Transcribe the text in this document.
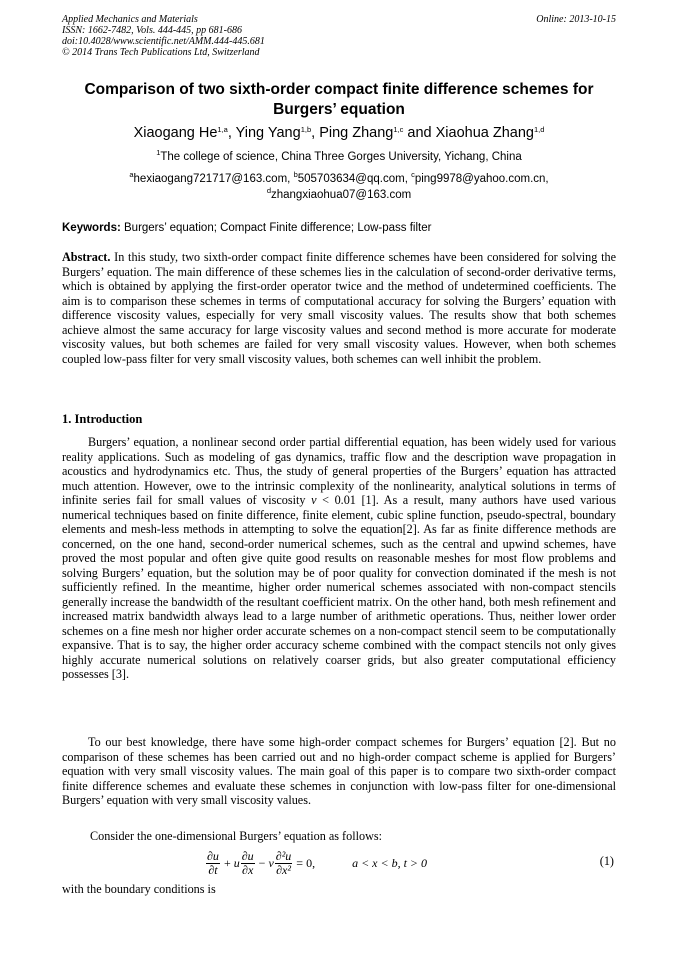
Applied Mechanics and Materials
ISSN: 1662-7482, Vols. 444-445, pp 681-686
doi:10.4028/www.scientific.net/AMM.444-445.681
© 2014 Trans Tech Publications Ltd, Switzerland
Online: 2013-10-15
Comparison of two sixth-order compact finite difference schemes for Burgers’ equation
Xiaogang He$^{1,a}$, Ying Yang$^{1,b}$, Ping Zhang$^{1,c}$ and Xiaohua Zhang$^{1,d}$
$^1$The college of science, China Three Gorges University, Yichang, China
$^a$hexiaogang721717@163.com, $^b$505703634@qq.com, $^c$ping9978@yahoo.com.cn,
$^d$zhangxiaohua07@163.com
Keywords: Burgers’ equation; Compact Finite difference; Low-pass filter
Abstract. In this study, two sixth-order compact finite difference schemes have been considered for solving the Burgers’ equation. The main difference of these schemes lies in the calculation of second-order derivative terms, which is obtained by applying the first-order operator twice and the method of undetermined coefficients. The aim is to comparison these schemes in terms of computational accuracy for solving the Burgers’ equation with difference viscosity values, especially for very small viscosity values. The results show that both schemes achieve almost the same accuracy for large viscosity values and second method is more accurate for moderate viscosity values, but both schemes are failed for very small viscosity values. However, when both schemes coupled low-pass filter for very small viscosity values, both schemes can well inhibit the problem.
1. Introduction
Burgers’ equation, a nonlinear second order partial differential equation, has been widely used for various reality applications. Such as modeling of gas dynamics, traffic flow and the description wave propagation in acoustics and hydrodynamics etc. Thus, the study of general properties of the Burgers’ equation has attracted much attention. However, owe to the intrinsic complexity of the nonlinearity, analytical solutions in terms of infinite series fail for small values of viscosity v < 0.01 [1]. As a result, many authors have used various numerical techniques based on finite difference, finite element, cubic spline function, pseudo-spectral, boundary elements and mesh-less methods in attempting to solve the equation[2]. As far as finite difference methods are concerned, on the one hand, second-order numerical schemes, such as the central and upwind schemes, have proved the most popular and often give quite good results on reasonable meshes for most flow problems and solving Burgers’ equation, but the solution may be of poor quality for convection dominated if the mesh is not sufficiently refined. In the meantime, higher order numerical schemes associated with non-compact stencils generally increase the bandwidth of the resultant coefficient matrix. On the other hand, both mesh refinement and increased matrix bandwidth always lead to a large number of arithmetic operations. Thus, neither lower order schemes on a fine mesh nor higher order accurate schemes on a non-compact stencil seem to be computationally expansive. That is to say, the higher order accuracy scheme combined with the compact stencils not only gives highly accurate numerical solutions on relatively coarser grids, but also greater computational efficiency possesses [3].
To our best knowledge, there have some high-order compact schemes for Burgers’ equation [2]. But no comparison of these schemes has been carried out and no high-order compact scheme is applied for Burgers’ equation with very small viscosity values. The main goal of this paper is to compare two sixth-order compact finite difference schemes and evaluate these schemes in conjunction with low-pass filter for one-dimensional Burgers’ equation with very small viscosity values.
Consider the one-dimensional Burgers’ equation as follows:
$\frac{\partial u}{\partial t} + u \frac{\partial u}{\partial x} - v \frac{\text{∂²u}}{\text{∂x²}} = 0$,	a < x < b, t > 0	(1)
with the boundary conditions is
